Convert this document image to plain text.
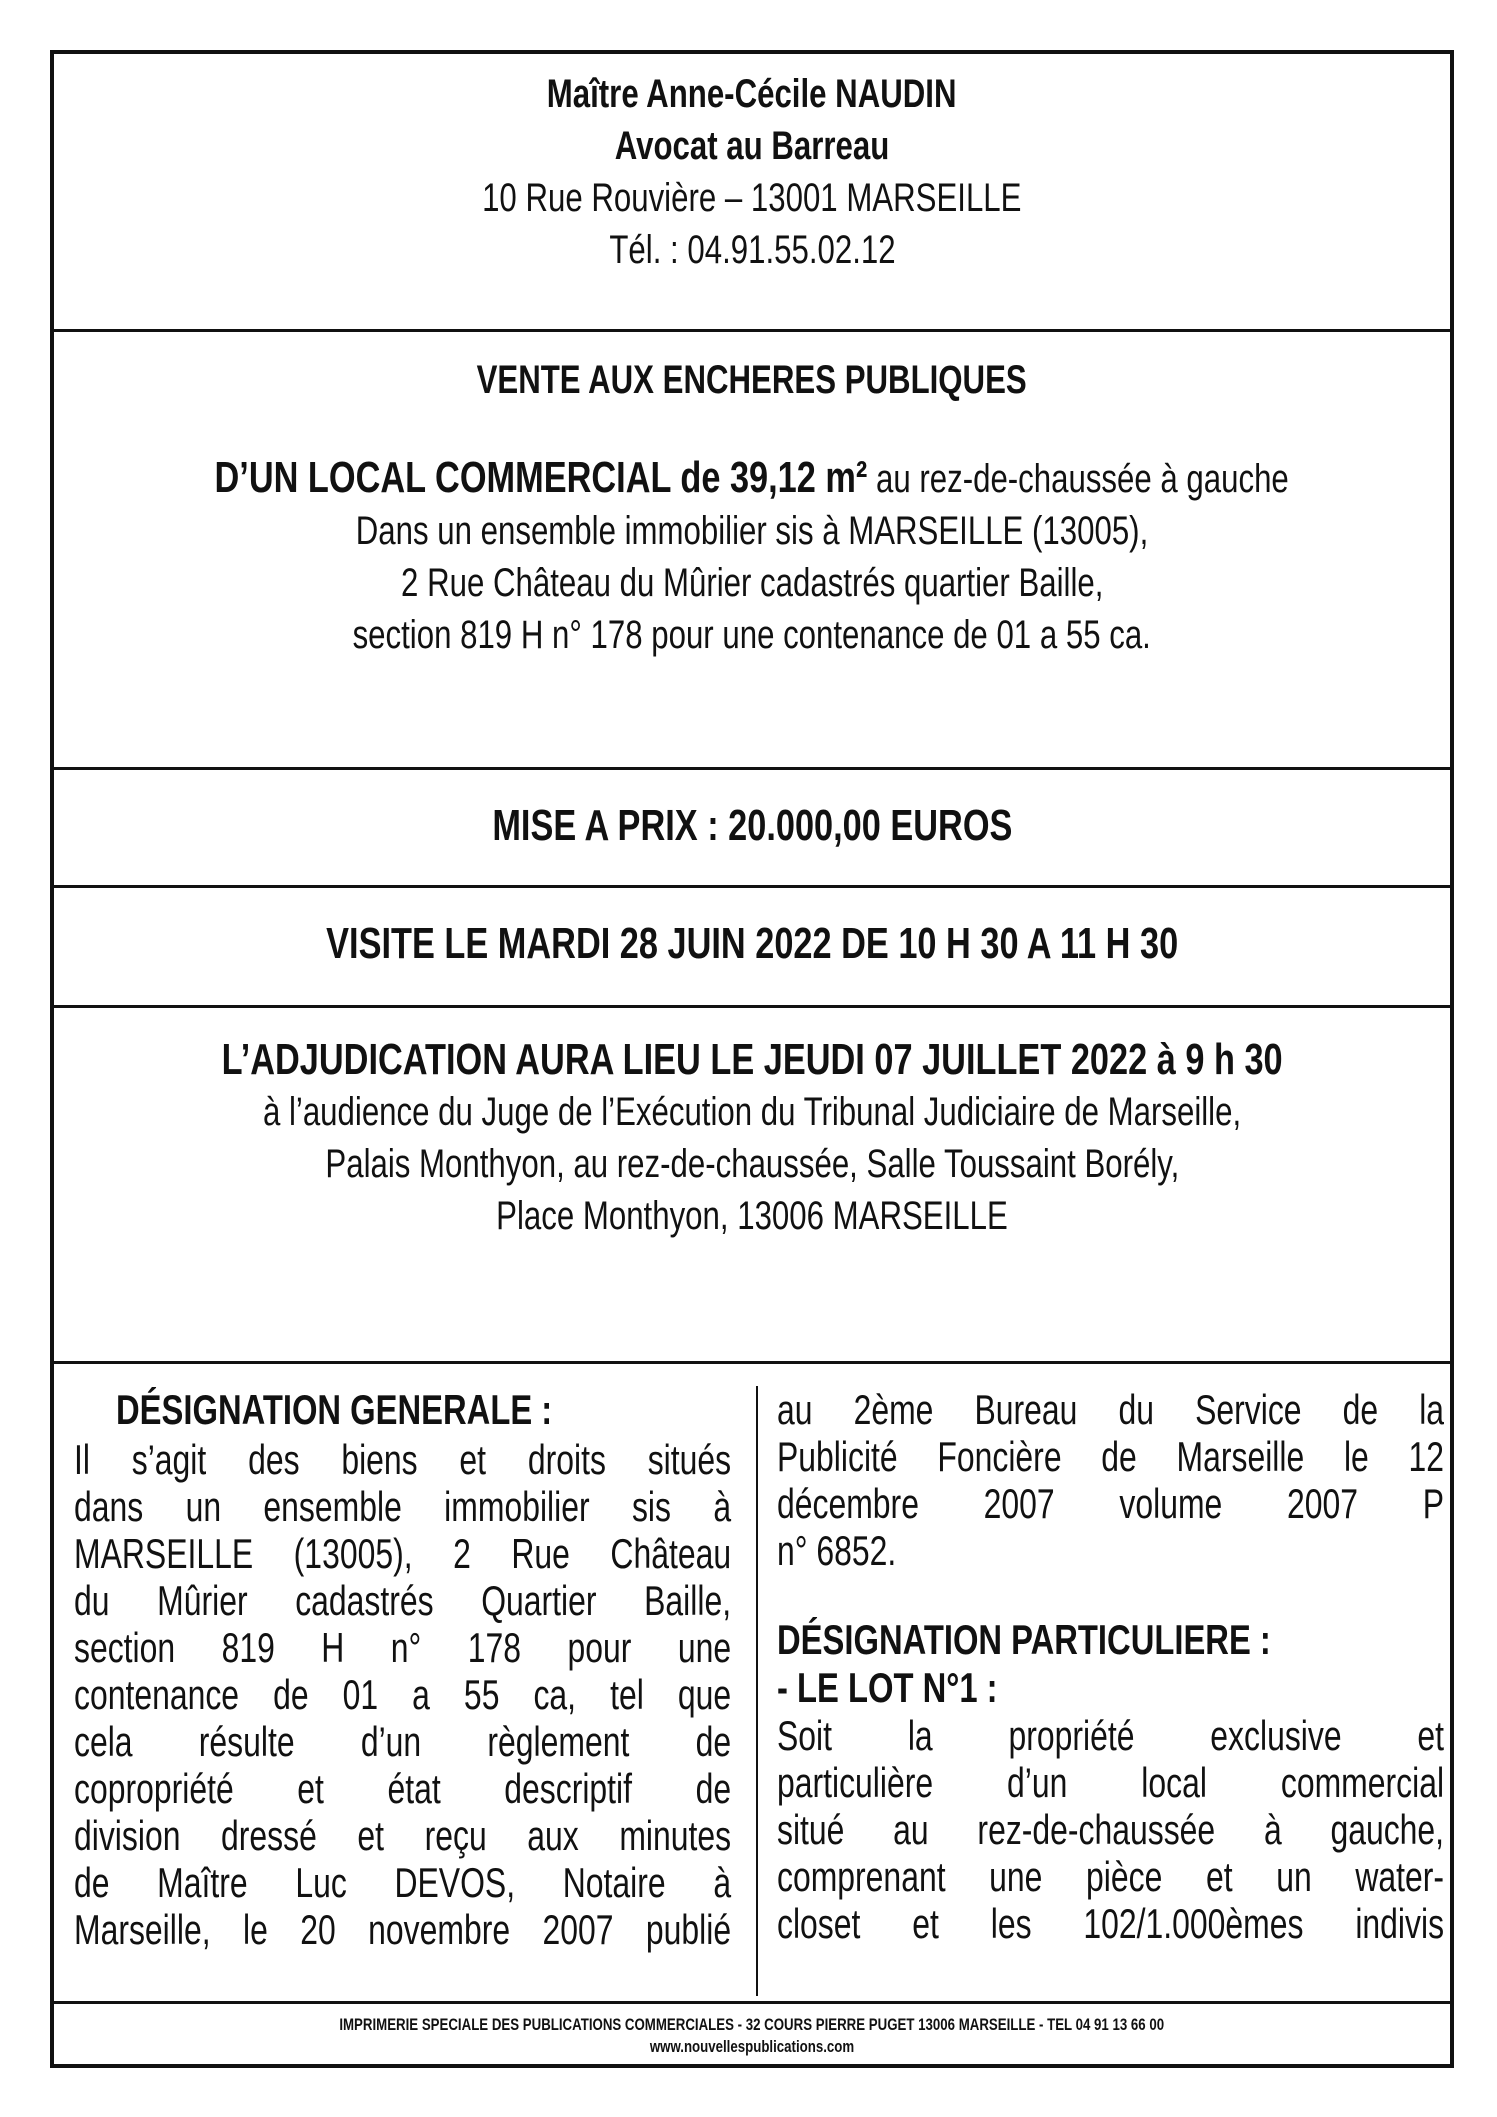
Maître Anne-Cécile NAUDIN
Avocat au Barreau
10 Rue Rouvière – 13001 MARSEILLE
Tél. : 04.91.55.02.12
VENTE AUX ENCHERES PUBLIQUES
D’UN LOCAL COMMERCIAL de 39,12 m² au rez-de-chaussée à gauche
Dans un ensemble immobilier sis à MARSEILLE (13005),
2 Rue Château du Mûrier cadastrés quartier Baille,
section 819 H n° 178 pour une contenance de 01 a 55 ca.
MISE A PRIX : 20.000,00 EUROS
VISITE LE MARDI 28 JUIN 2022 DE 10 H 30 A 11 H 30
L’ADJUDICATION AURA LIEU LE JEUDI 07 JUILLET 2022 à 9 h 30
à l’audience du Juge de l’Exécution du Tribunal Judiciaire de Marseille,
Palais Monthyon, au rez-de-chaussée, Salle Toussaint Borély,
Place Monthyon, 13006 MARSEILLE
DÉSIGNATION GENERALE :
Il s’agit des biens et droits situés
dans un ensemble immobilier sis à
MARSEILLE (13005), 2 Rue Château
du Mûrier cadastrés Quartier Baille,
section 819 H n° 178 pour une
contenance de 01 a 55 ca, tel que
cela résulte d’un règlement de
copropriété et état descriptif de
division dressé et reçu aux minutes
de Maître Luc DEVOS, Notaire à
Marseille, le 20 novembre 2007 publié
au 2ème Bureau du Service de la
Publicité Foncière de Marseille le 12
décembre 2007 volume 2007 P
n° 6852.
DÉSIGNATION PARTICULIERE :
- LE LOT N°1 :
Soit la propriété exclusive et
particulière d’un local commercial
situé au rez-de-chaussée à gauche,
comprenant une pièce et un water-
closet et les 102/1.000èmes indivis
IMPRIMERIE SPECIALE DES PUBLICATIONS COMMERCIALES - 32 COURS PIERRE PUGET 13006 MARSEILLE - TEL 04 91 13 66 00
www.nouvellespublications.com
